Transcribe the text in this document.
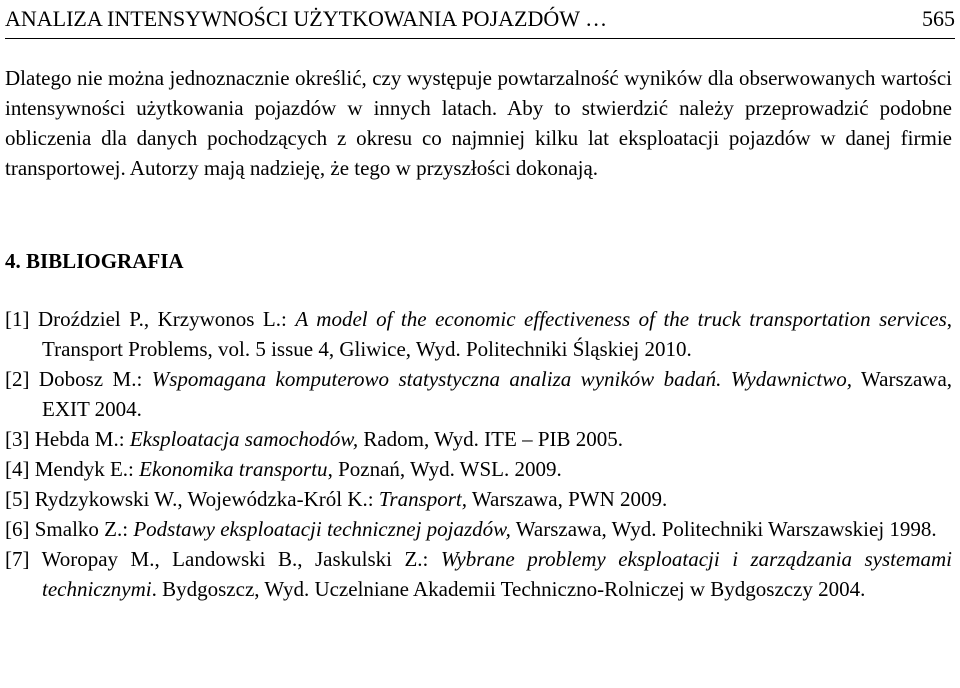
ANALIZA INTENSYWNOŚCI UŻYTKOWANIA POJAZDÓW …	565

Dlatego nie można jednoznacznie określić, czy występuje powtarzalność wyników dla obserwowanych wartości intensywności użytkowania pojazdów w innych latach. Aby to stwierdzić należy przeprowadzić podobne obliczenia dla danych pochodzących z okresu co najmniej kilku lat eksploatacji pojazdów w danej firmie transportowej. Autorzy mają nadzieję, że tego w przyszłości dokonają.

4. BIBLIOGRAFIA
[1] Droździel P., Krzywonos L.: A model of the economic effectiveness of the truck transportation services, Transport Problems, vol. 5 issue 4, Gliwice, Wyd. Politechniki Śląskiej 2010.
[2] Dobosz M.: Wspomagana komputerowo statystyczna analiza wyników badań. Wydawnictwo, Warszawa, EXIT 2004.
[3] Hebda M.: Eksploatacja samochodów, Radom, Wyd. ITE – PIB 2005.
[4] Mendyk E.: Ekonomika transportu, Poznań, Wyd. WSL. 2009.
[5] Rydzykowski W., Wojewódzka-Król K.: Transport, Warszawa, PWN 2009.
[6] Smalko Z.: Podstawy eksploatacji technicznej pojazdów, Warszawa, Wyd. Politechniki Warszawskiej 1998.
[7] Woropay M., Landowski B., Jaskulski Z.: Wybrane problemy eksploatacji i zarządzania systemami technicznymi. Bydgoszcz, Wyd. Uczelniane Akademii Techniczno-Rolniczej w Bydgoszczy 2004.
